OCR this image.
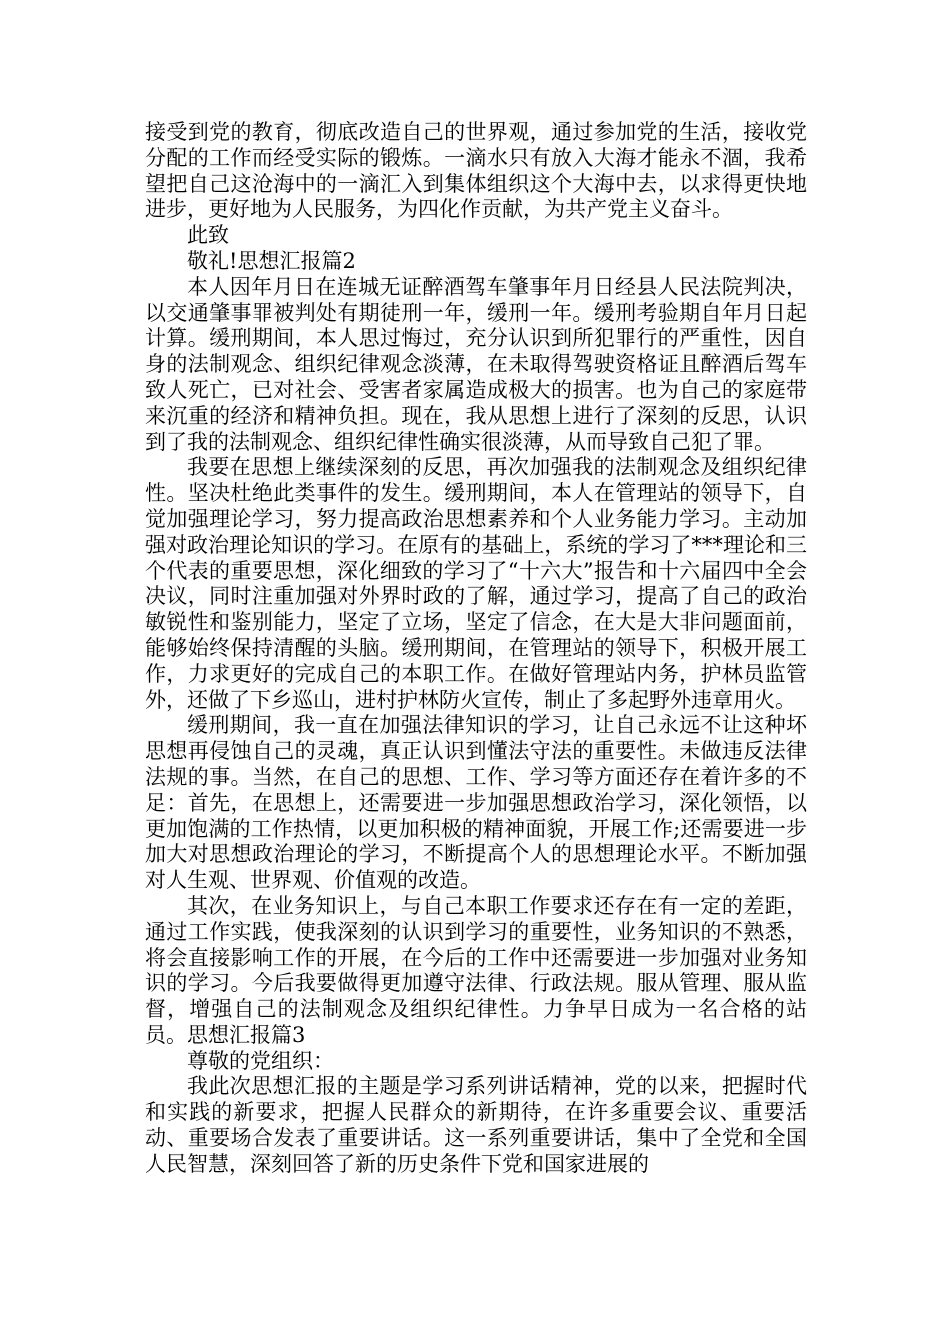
接受到党的教育，彻底改造自己的世界观，通过参加党的生活，接收党分配的工作而经受实际的锻炼。一滴水只有放入大海才能永不涸，我希望把自己这沧海中的一滴汇入到集体组织这个大海中去，以求得更快地进步，更好地为人民服务，为四化作贡献，为共产党主义奋斗。

此致

敬礼!思想汇报篇2

本人因年月日在连城无证醉酒驾车肇事年月日经县人民法院判决，以交通肇事罪被判处有期徒刑一年，缓刑一年。缓刑考验期自年月日起计算。缓刑期间，本人思过悔过，充分认识到所犯罪行的严重性，因自身的法制观念、组织纪律观念淡薄，在未取得驾驶资格证且醉酒后驾车致人死亡，已对社会、受害者家属造成极大的损害。也为自己的家庭带来沉重的经济和精神负担。现在，我从思想上进行了深刻的反思，认识到了我的法制观念、组织纪律性确实很淡薄，从而导致自己犯了罪。

我要在思想上继续深刻的反思，再次加强我的法制观念及组织纪律性。坚决杜绝此类事件的发生。缓刑期间，本人在管理站的领导下，自觉加强理论学习，努力提高政治思想素养和个人业务能力学习。主动加强对政治理论知识的学习。在原有的基础上，系统的学习了***理论和三个代表的重要思想，深化细致的学习了“十六大”报告和十六届四中全会决议，同时注重加强对外界时政的了解，通过学习，提高了自己的政治敏锐性和鉴别能力，坚定了立场，坚定了信念，在大是大非问题面前，能够始终保持清醒的头脑。缓刑期间，在管理站的领导下，积极开展工作，力求更好的完成自己的本职工作。在做好管理站内务，护林员监管外，还做了下乡巡山，进村护林防火宣传，制止了多起野外违章用火。

缓刑期间，我一直在加强法律知识的学习，让自己永远不让这种坏思想再侵蚀自己的灵魂，真正认识到懂法守法的重要性。未做违反法律法规的事。当然，在自己的思想、工作、学习等方面还存在着许多的不足：首先，在思想上，还需要进一步加强思想政治学习，深化领悟，以更加饱满的工作热情，以更加积极的精神面貌，开展工作;还需要进一步加大对思想政治理论的学习，不断提高个人的思想理论水平。不断加强对人生观、世界观、价值观的改造。

其次，在业务知识上，与自己本职工作要求还存在有一定的差距，通过工作实践，使我深刻的认识到学习的重要性，业务知识的不熟悉，将会直接影响工作的开展，在今后的工作中还需要进一步加强对业务知识的学习。今后我要做得更加遵守法律、行政法规。服从管理、服从监督，增强自己的法制观念及组织纪律性。力争早日成为一名合格的站员。思想汇报篇3

尊敬的党组织：

我此次思想汇报的主题是学习系列讲话精神，党的以来，把握时代和实践的新要求，把握人民群众的新期待，在许多重要会议、重要活动、重要场合发表了重要讲话。这一系列重要讲话，集中了全党和全国人民智慧，深刻回答了新的历史条件下党和国家进展的
